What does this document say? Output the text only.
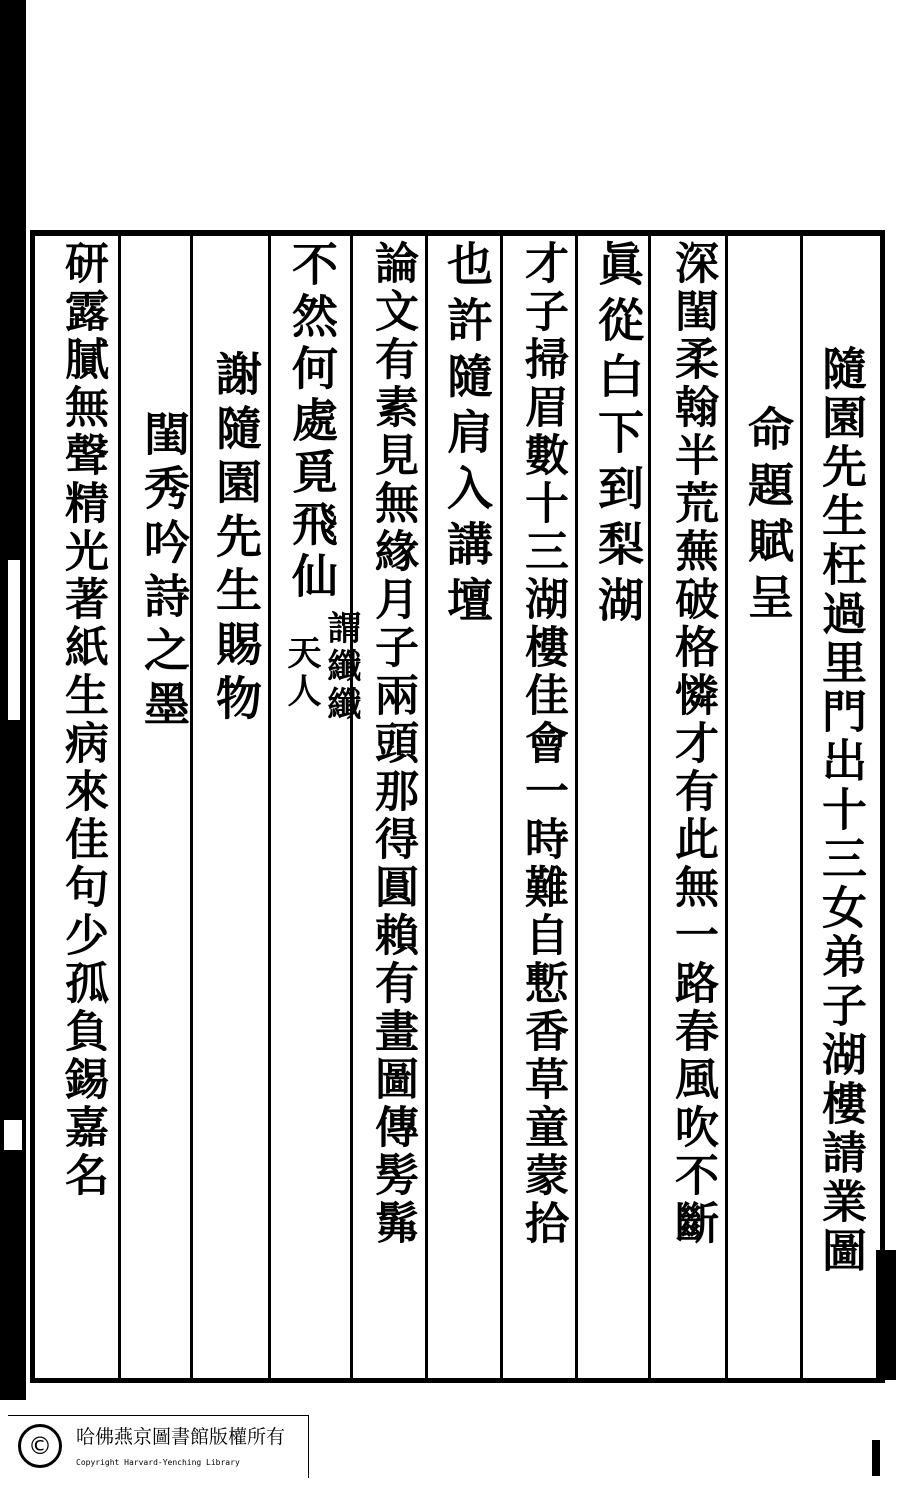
隨園先生枉過里門出十三女弟子湖樓請業圖
命題賦呈
深閨柔翰半荒蕪破格憐才有此無一路春風吹不斷
眞從白下到梨湖
才子掃眉數十三湖樓佳會一時難自慙香草童蒙拾
也許隨肩入講壇
論文有素見無緣月子兩頭那得圓賴有畫圖傳髣髴
不然何處覓飛仙
謂纖纖
天人
謝隨園先生賜物
閨秀吟詩之墨
研露膩無聲精光著紙生病來佳句少孤負錫嘉名
©	哈佛燕京圖書館版權所有
Copyright Harvard-Yenching Library
